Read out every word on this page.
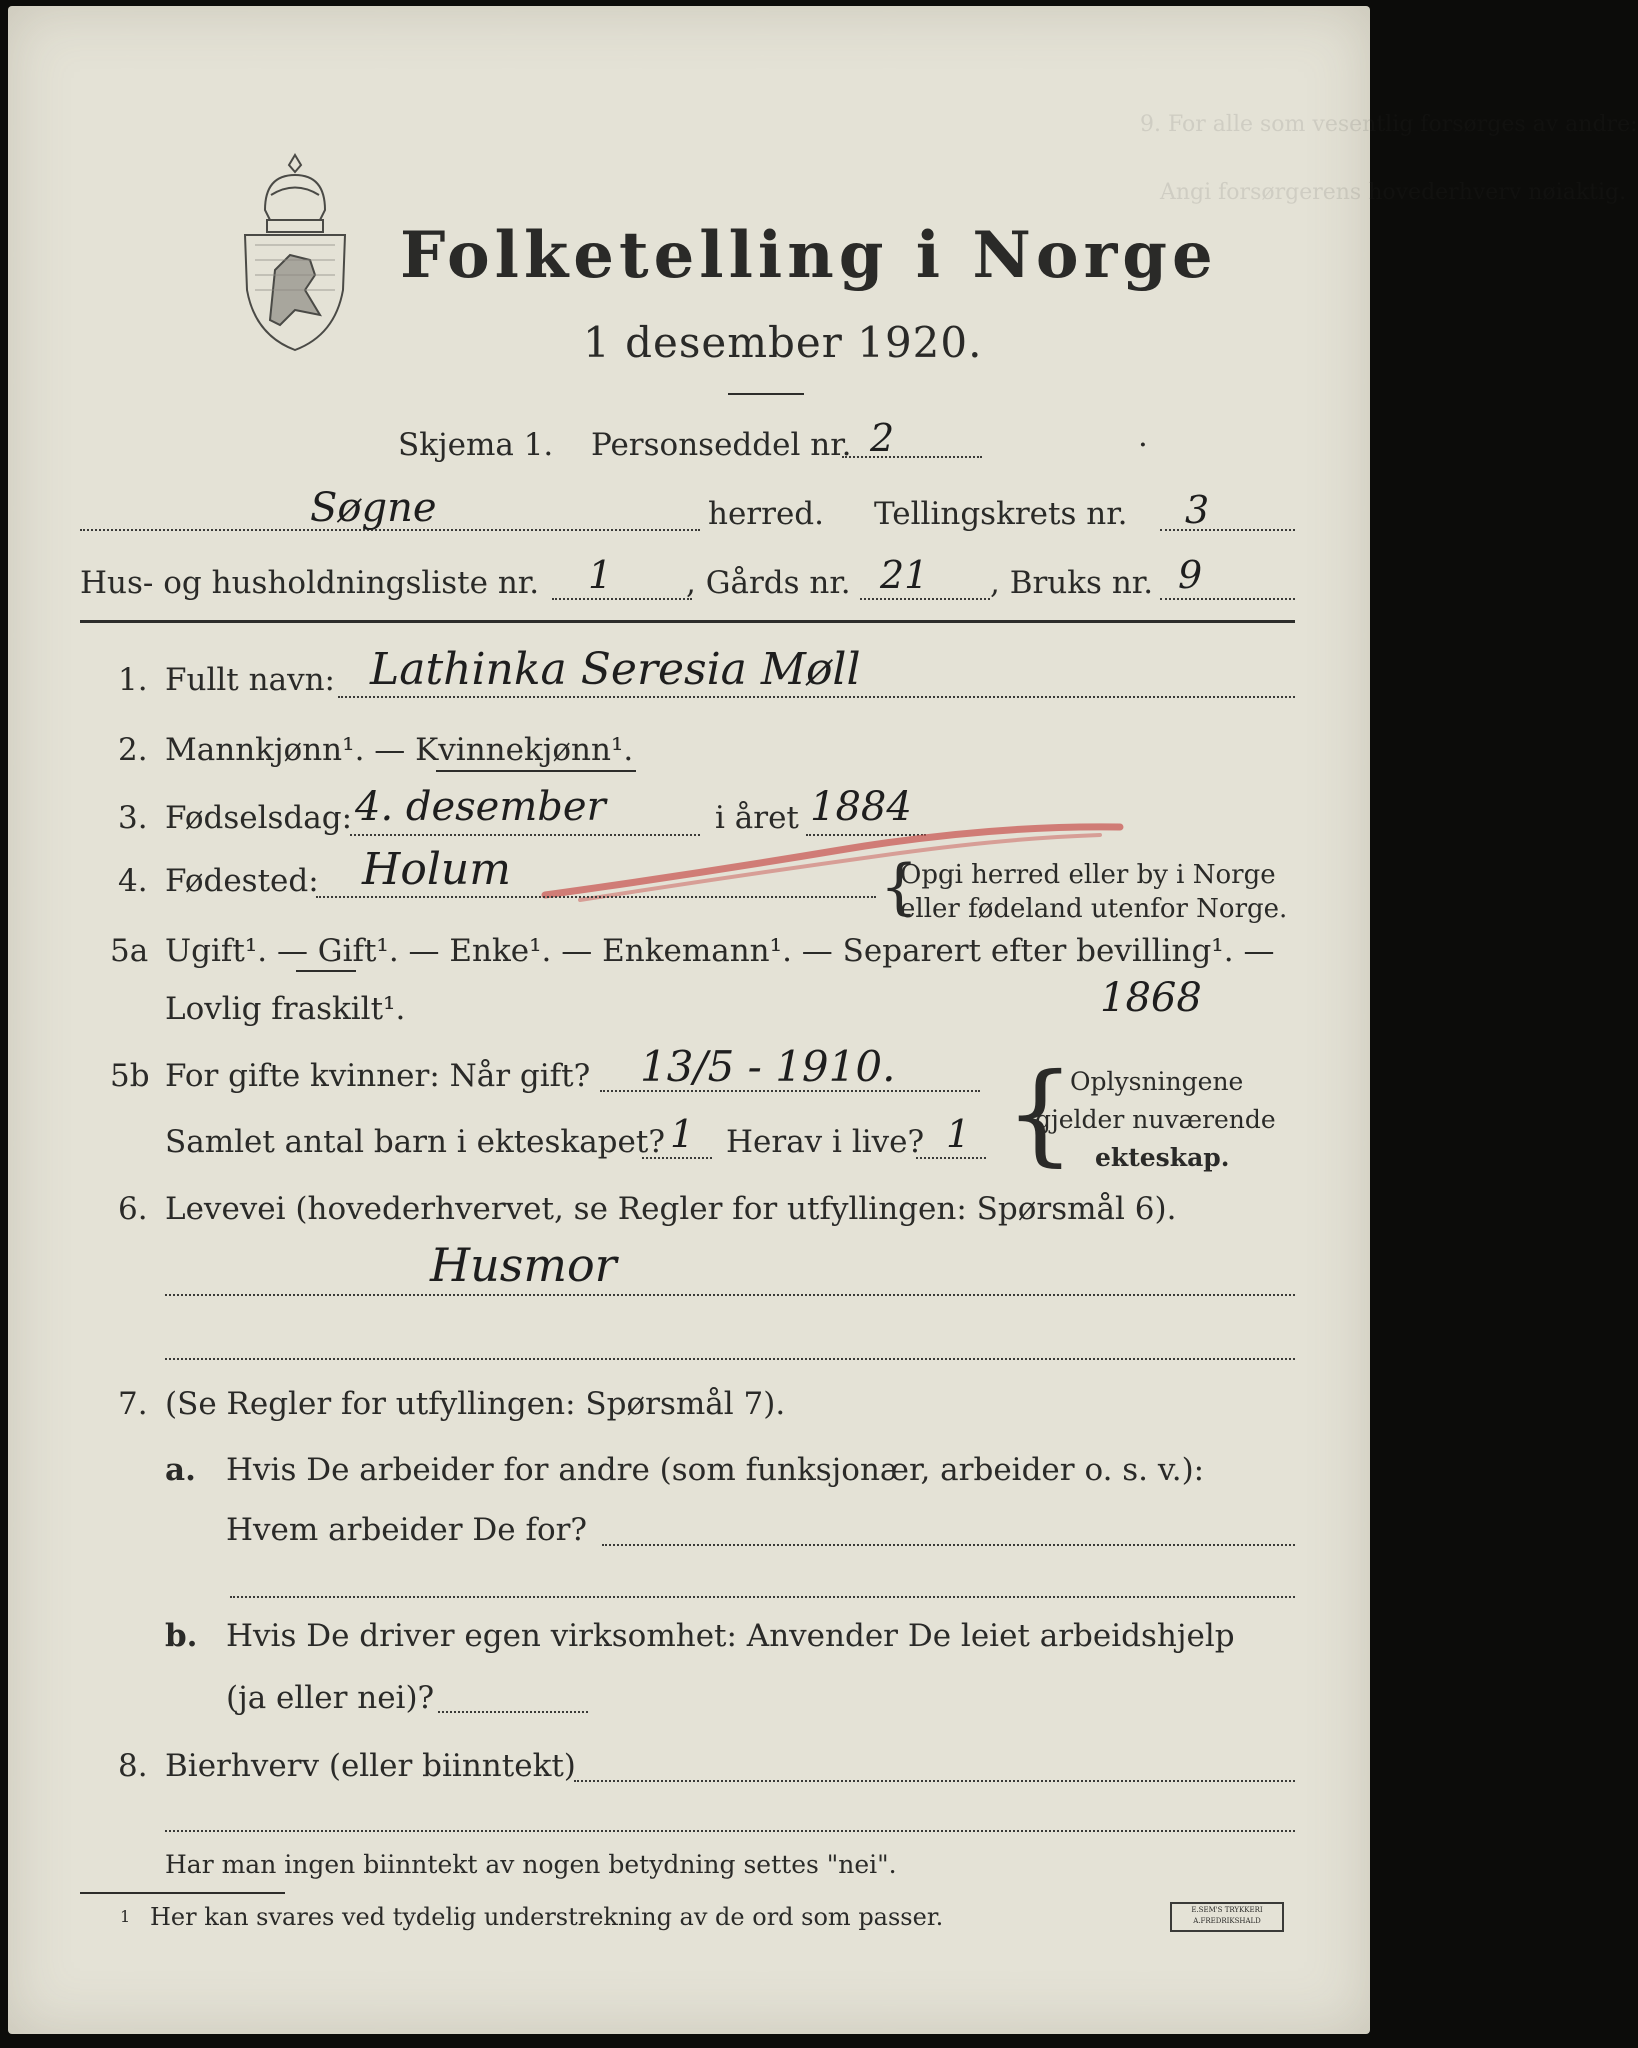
9. For alle som vesentlig forsørges av andre:
Angi forsørgerens hovederhverv nøiaktig.
Folketelling i Norge
1 desember 1920.
Skjema 1. Personseddel nr. 2	·
Søgne	herred. Tellingskrets nr. 3
Hus- og husholdningsliste nr. 1 , Gårds nr. 21 , Bruks nr. 9
1. Fullt navn: Lathinka Seresia Møll
2. Mannkjønn¹. — Kvinnekjønn¹.
3. Fødselsdag: 4. desember	i året 1884
4. Fødested: Holum	{
Opgi herred eller by i Norge
eller fødeland utenfor Norge.
5a Ugift¹. — Gift¹. — Enke¹. — Enkemann¹. — Separert efter bevilling¹. —
Lovlig fraskilt¹.	1868
5b For gifte kvinner: Når gift? 13/5 - 1910.
Samlet antal barn i ekteskapet? 1 Herav i live? 1 {
Oplysningene
gjelder nuværende
ekteskap.
6. Levevei (hovederhvervet, se Regler for utfyllingen: Spørsmål 6).
Husmor
7. (Se Regler for utfyllingen: Spørsmål 7).
a. Hvis De arbeider for andre (som funksjonær, arbeider o. s. v.):
Hvem arbeider De for?
b. Hvis De driver egen virksomhet: Anvender De leiet arbeidshjelp
(ja eller nei)?
8. Bierhverv (eller biinntekt)
Har man ingen biinntekt av nogen betydning settes "nei".
1 Her kan svares ved tydelig understrekning av de ord som passer.	E.SEM'S TRYKKERI A.FREDRIKSHALD
